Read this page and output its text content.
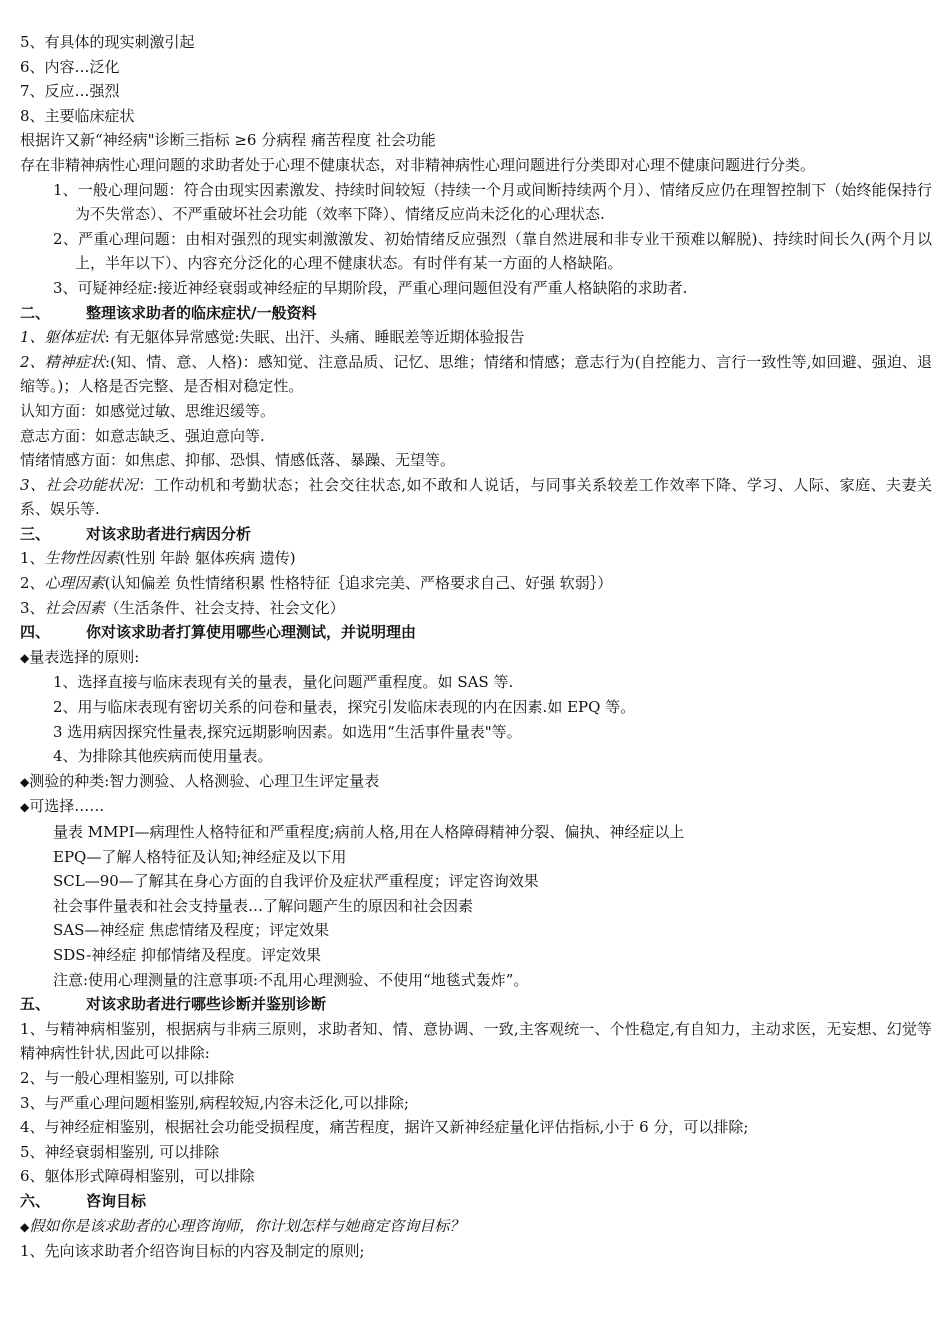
5、有具体的现实刺激引起
6、内容…泛化
7、反应…强烈
8、主要临床症状
根据许又新“神经病"诊断三指标 ≥6 分病程 痛苦程度 社会功能
存在非精神病性心理问题的求助者处于心理不健康状态，对非精神病性心理问题进行分类即对心理不健康问题进行分类。
1、一般心理问题：符合由现实因素激发、持续时间较短（持续一个月或间断持续两个月）、情绪反应仍在理智控制下（始终能保持行为不失常态）、不严重破坏社会功能（效率下降）、情绪反应尚未泛化的心理状态.
2、严重心理问题：由相对强烈的现实刺激激发、初始情绪反应强烈（靠自然进展和非专业干预难以解脱)、持续时间长久(两个月以上，半年以下）、内容充分泛化的心理不健康状态。有时伴有某一方面的人格缺陷。
3、可疑神经症:接近神经衰弱或神经症的早期阶段，严重心理问题但没有严重人格缺陷的求助者.
二、 整理该求助者的临床症状/一般资料
1、躯体症状: 有无躯体异常感觉:失眠、出汗、头痛、睡眠差等近期体验报告
2、精神症状:(知、情、意、人格)：感知觉、注意品质、记忆、思维；情绪和情感；意志行为(自控能力、言行一致性等,如回避、强迫、退缩等。)；人格是否完整、是否相对稳定性。
认知方面：如感觉过敏、思维迟缓等。
意志方面：如意志缺乏、强迫意向等.
情绪情感方面：如焦虑、抑郁、恐惧、情感低落、暴躁、无望等。
3、社会功能状况：工作动机和考勤状态；社会交往状态,如不敢和人说话，与同事关系较差工作效率下降、学习、人际、家庭、夫妻关系、娱乐等.
三、 对该求助者进行病因分析
1、生物性因素(性别 年龄 躯体疾病 遗传)
2、心理因素(认知偏差 负性情绪积累 性格特征｛追求完美、严格要求自己、好强 软弱｝）
3、社会因素（生活条件、社会支持、社会文化）
四、 你对该求助者打算使用哪些心理测试，并说明理由
◆量表选择的原则:
1、选择直接与临床表现有关的量表，量化问题严重程度。如 SAS 等.
2、用与临床表现有密切关系的问卷和量表，探究引发临床表现的内在因素.如 EPQ 等。
3 选用病因探究性量表,探究远期影响因素。如选用“生活事件量表"等。
4、为排除其他疾病而使用量表。
◆测验的种类:智力测验、人格测验、心理卫生评定量表
◆可选择……
量表 MMPI—病理性人格特征和严重程度;病前人格,用在人格障碍精神分裂、偏执、神经症以上
EPQ—了解人格特征及认知;神经症及以下用
SCL—90—了解其在身心方面的自我评价及症状严重程度；评定咨询效果
社会事件量表和社会支持量表…了解问题产生的原因和社会因素
SAS—神经症 焦虑情绪及程度；评定效果
SDS-神经症 抑郁情绪及程度。评定效果
注意:使用心理测量的注意事项:不乱用心理测验、不使用“地毯式轰炸”。
五、 对该求助者进行哪些诊断并鉴别诊断
1、与精神病相鉴别，根据病与非病三原则，求助者知、情、意协调、一致,主客观统一、个性稳定,有自知力，主动求医，无妄想、幻觉等精神病性针状,因此可以排除:
2、与一般心理相鉴别, 可以排除
3、与严重心理问题相鉴别,病程较短,内容未泛化,可以排除;
4、与神经症相鉴别，根据社会功能受损程度，痛苦程度，据许又新神经症量化评估指标,小于 6 分，可以排除;
5、神经衰弱相鉴别, 可以排除
6、躯体形式障碍相鉴别，可以排除
六、 咨询目标
◆假如你是该求助者的心理咨询师，你计划怎样与她商定咨询目标？
1、先向该求助者介绍咨询目标的内容及制定的原则;
